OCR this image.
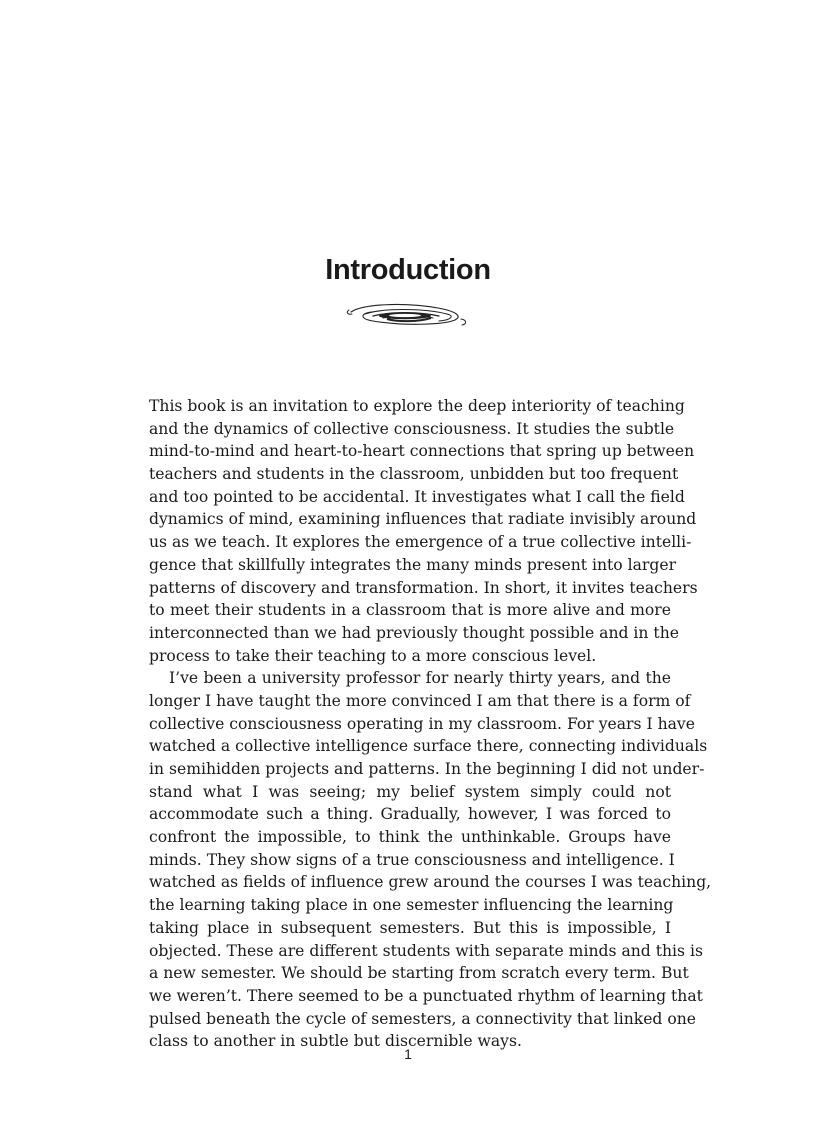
Introduction
This book is an invitation to explore the deep interiority of teaching
and the dynamics of collective consciousness. It studies the subtle
mind-to-mind and heart-to-heart connections that spring up between
teachers and students in the classroom, unbidden but too frequent
and too pointed to be accidental. It investigates what I call the field
dynamics of mind, examining influences that radiate invisibly around
us as we teach. It explores the emergence of a true collective intelli-
gence that skillfully integrates the many minds present into larger
patterns of discovery and transformation. In short, it invites teachers
to meet their students in a classroom that is more alive and more
interconnected than we had previously thought possible and in the
process to take their teaching to a more conscious level.
I’ve been a university professor for nearly thirty years, and the
longer I have taught the more convinced I am that there is a form of
collective consciousness operating in my classroom. For years I have
watched a collective intelligence surface there, connecting individuals
in semihidden projects and patterns. In the beginning I did not under-
stand what I was seeing; my belief system simply could not
accommodate such a thing. Gradually, however, I was forced to
confront the impossible, to think the unthinkable. Groups have
minds. They show signs of a true consciousness and intelligence. I
watched as fields of influence grew around the courses I was teaching,
the learning taking place in one semester influencing the learning
taking place in subsequent semesters. But this is impossible, I
objected. These are different students with separate minds and this is
a new semester. We should be starting from scratch every term. But
we weren’t. There seemed to be a punctuated rhythm of learning that
pulsed beneath the cycle of semesters, a connectivity that linked one
class to another in subtle but discernible ways.
1
